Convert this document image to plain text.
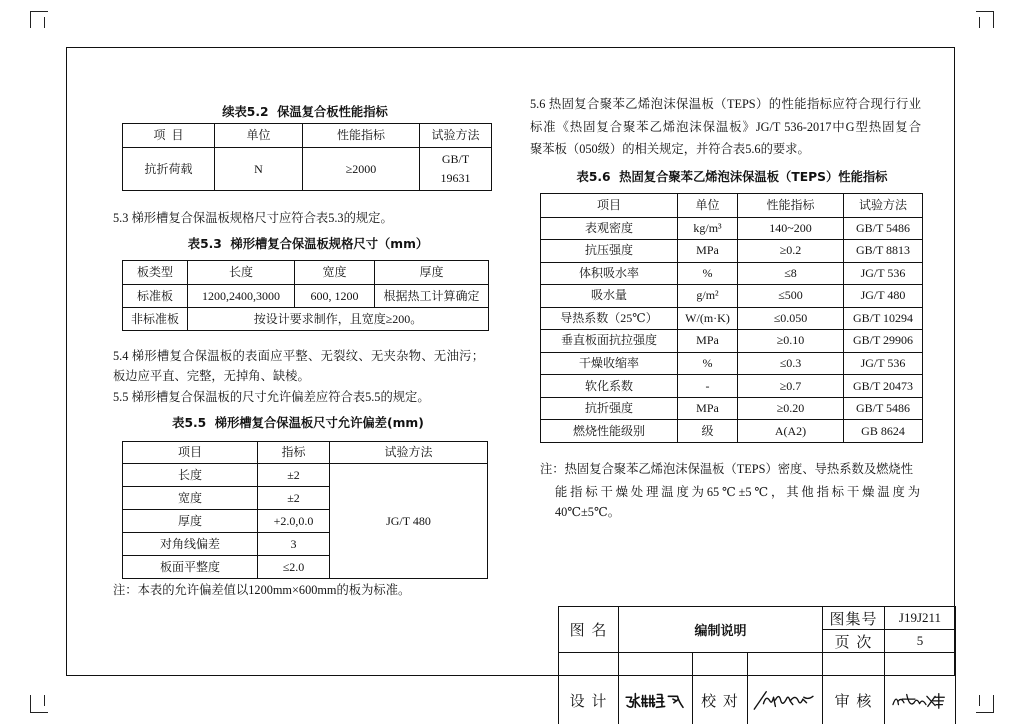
续表5.2  保温复合板性能指标
项  目	单位	性能指标	试验方法
抗折荷载	N	≥2000	GB/T
19631
5.3 梯形槽复合保温板规格尺寸应符合表5.3的规定。
表5.3  梯形槽复合保温板规格尺寸（mm）
板类型	长度	宽度	厚度
标准板	1200,2400,3000	600, 1200	根据热工计算确定
非标准板	按设计要求制作，且宽度≥200。		
5.4 梯形槽复合保温板的表面应平整、无裂纹、无夹杂物、无油污；
板边应平直、完整，无掉角、缺棱。
5.5 梯形槽复合保温板的尺寸允许偏差应符合表5.5的规定。
表5.5  梯形槽复合保温板尺寸允许偏差(mm)
项目	指标	试验方法
长度	±2	JG/T 480
宽度	±2	
厚度	+2.0,0.0	
对角线偏差	3	
板面平整度	≤2.0	
注：本表的允许偏差值以1200mm×600mm的板为标准。
5.6 热固复合聚苯乙烯泡沫保温板（TEPS）的性能指标应符合现行行业
标准《热固复合聚苯乙烯泡沫保温板》JG/T 536-2017中G型热固复合
聚苯板（050级）的相关规定，并符合表5.6的要求。
表5.6  热固复合聚苯乙烯泡沫保温板（TEPS）性能指标
项目	单位	性能指标	试验方法
表观密度	kg/m³	140~200	GB/T 5486
抗压强度	MPa	≥0.2	GB/T 8813
体积吸水率	%	≤8	JG/T 536
吸水量	g/m²	≤500	JG/T 480
导热系数（25℃）	W/(m·K)	≤0.050	GB/T 10294
垂直板面抗拉强度	MPa	≥0.10	GB/T 29906
干燥收缩率	%	≤0.3	JG/T 536
软化系数	-	≥0.7	GB/T 20473
抗折强度	MPa	≥0.20	GB/T 5486
燃烧性能级别	级	A(A2)	GB 8624
注：热固复合聚苯乙烯泡沫保温板（TEPS）密度、导热系数及燃烧性
能指标干燥处理温度为65℃±5℃，其他指标干燥温度为
40℃±5℃。
图 名	编制说明			图集号	J19J211
				页 次	5
设 计		校 对		审 核	
